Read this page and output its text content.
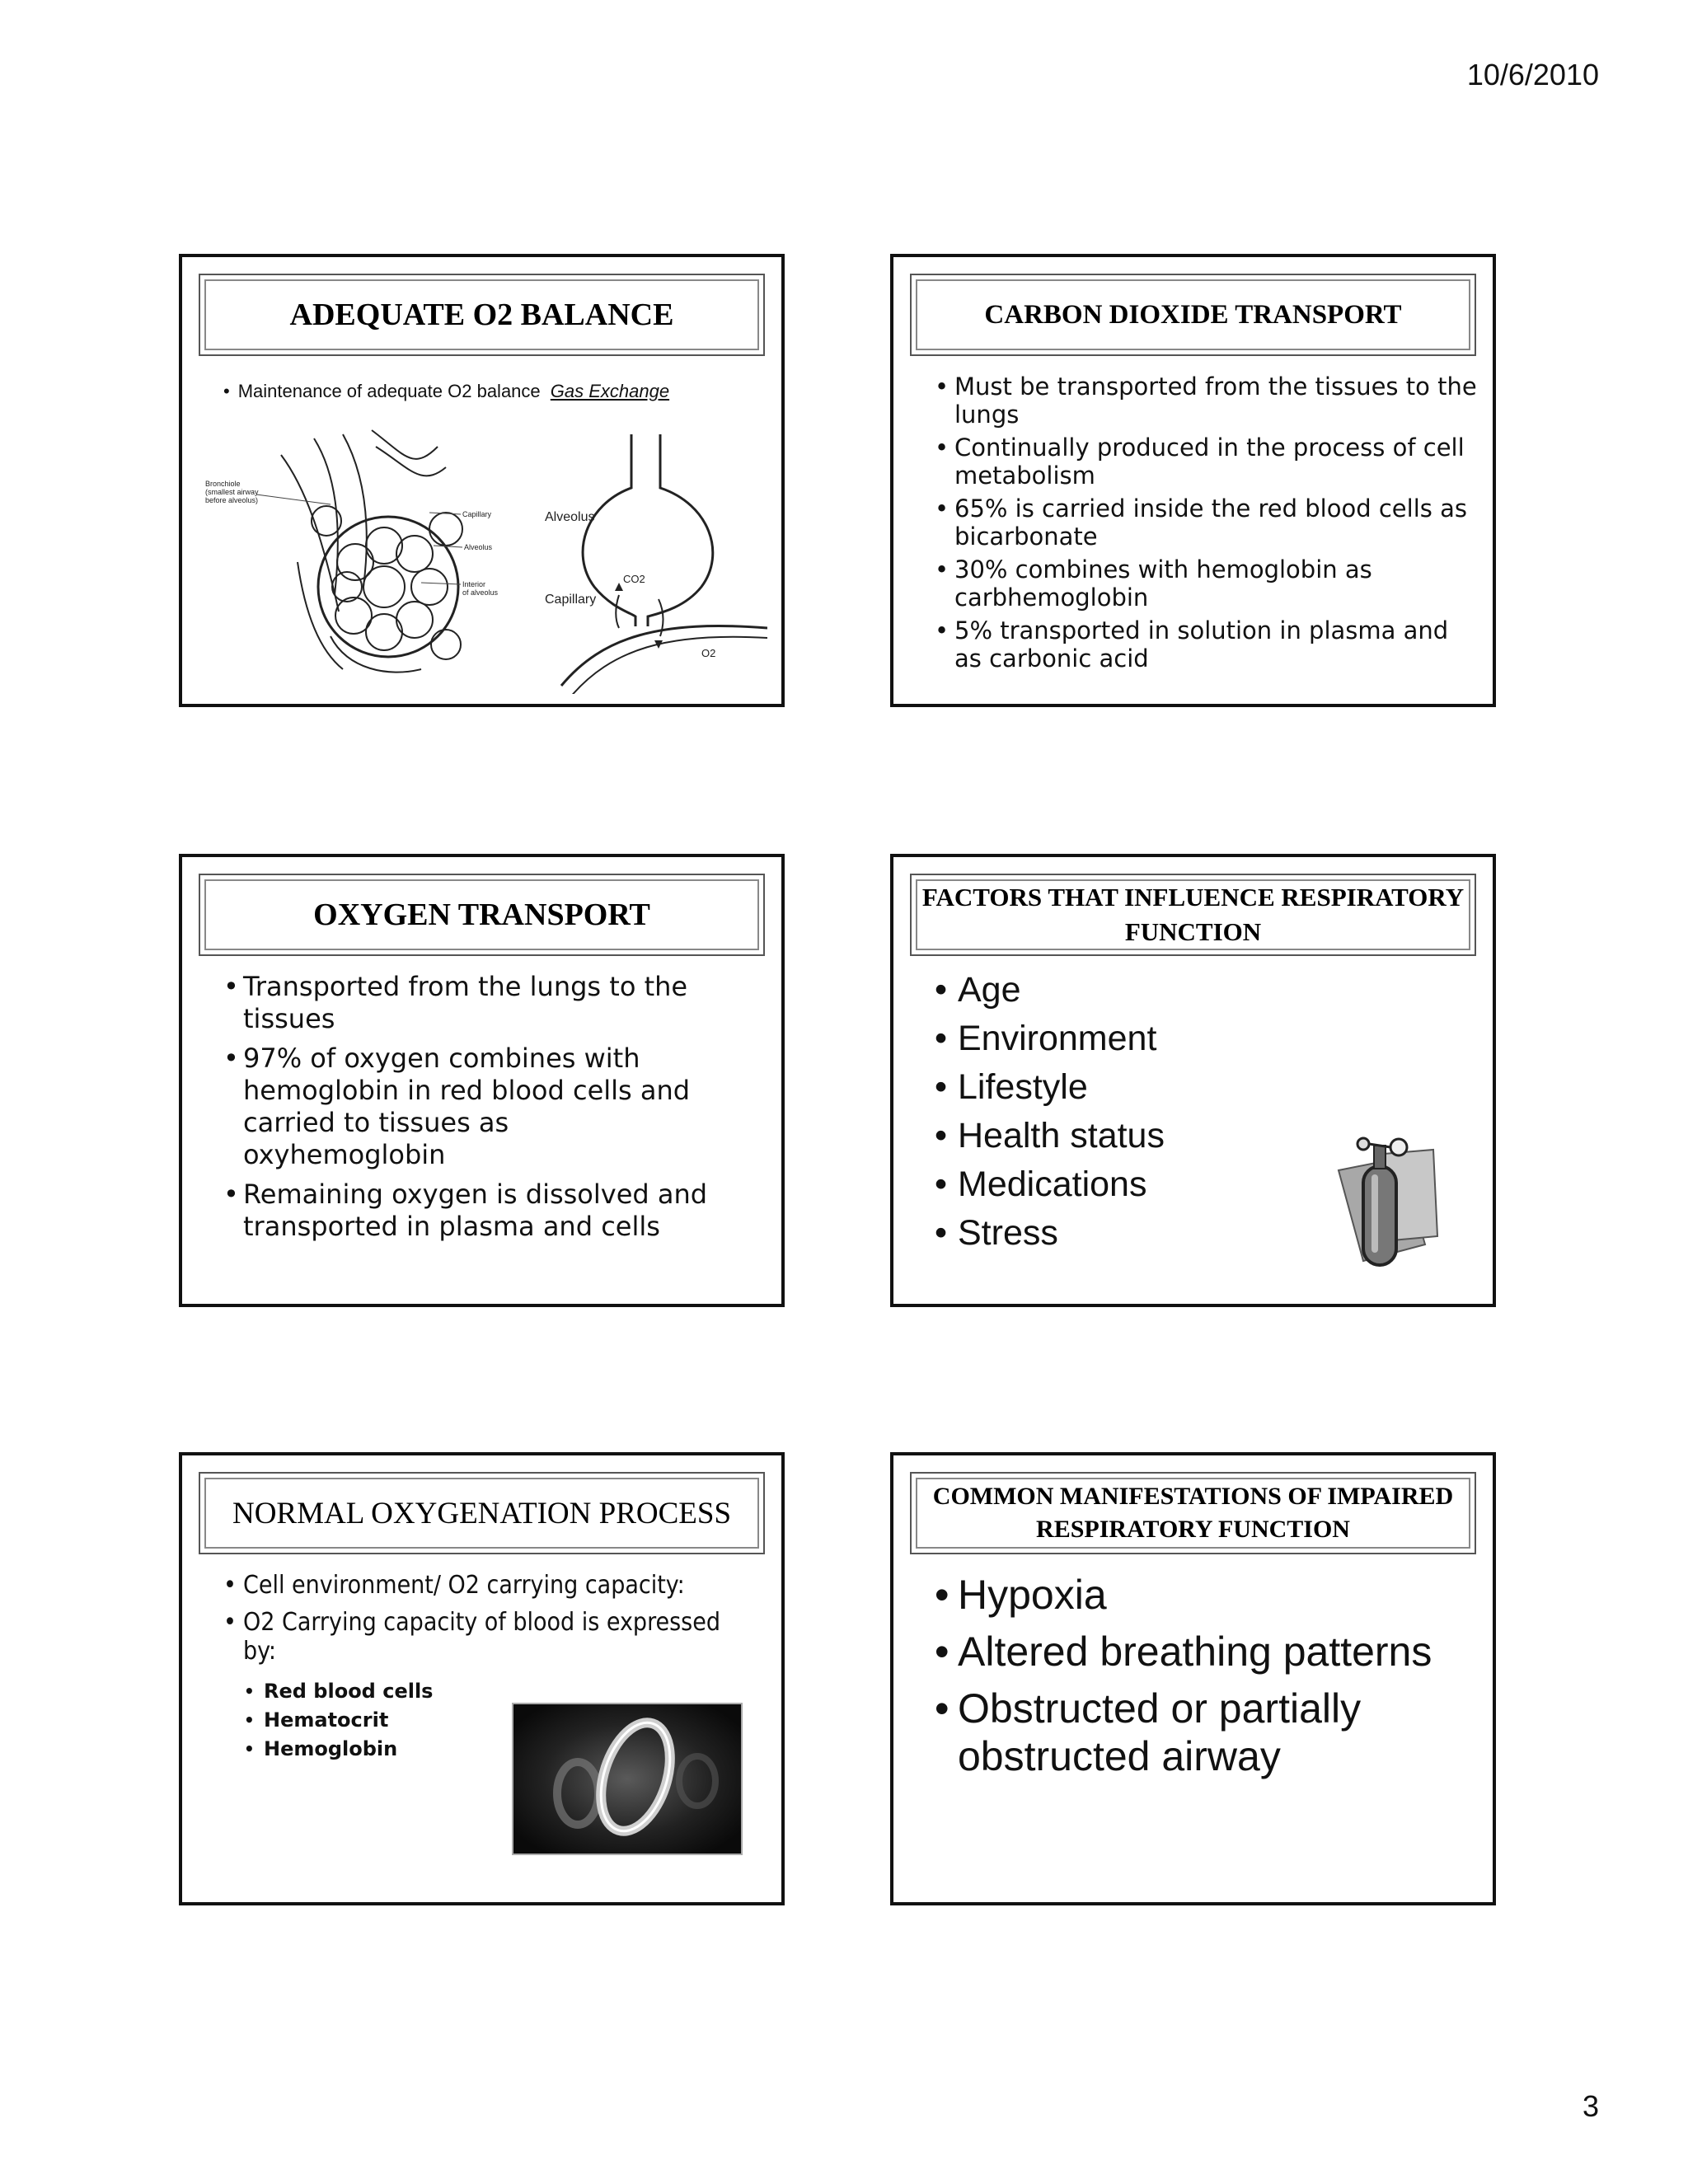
10/6/2010
ADEQUATE O2 BALANCE
• Maintenance of adequate O2 balance Gas Exchange
Bronchiole
(smallest airway
before alveolus)
Capillary
Alveolus
Interior
of alveolus
Alveolus
Capillary
CO2
O2
CARBON DIOXIDE TRANSPORT
• Must be transported from the tissues to the lungs
• Continually produced in the process of cell metabolism
• 65% is carried inside the red blood cells as bicarbonate
• 30% combines with hemoglobin as carbhemoglobin
• 5% transported in solution in plasma and as carbonic acid
OXYGEN TRANSPORT
• Transported from the lungs to the tissues
• 97% of oxygen combines with hemoglobin in red blood cells and carried to tissues as oxyhemoglobin
• Remaining oxygen is dissolved and transported in plasma and cells
FACTORS THAT INFLUENCE RESPIRATORY FUNCTION
• Age
• Environment
• Lifestyle
• Health status
• Medications
• Stress
NORMAL OXYGENATION PROCESS
• Cell environment/ O2 carrying capacity:
• O2 Carrying capacity of blood is expressed by:
• Red blood cells
• Hematocrit
• Hemoglobin
COMMON MANIFESTATIONS OF IMPAIRED RESPIRATORY FUNCTION
• Hypoxia
• Altered breathing patterns
• Obstructed or partially obstructed airway
3
